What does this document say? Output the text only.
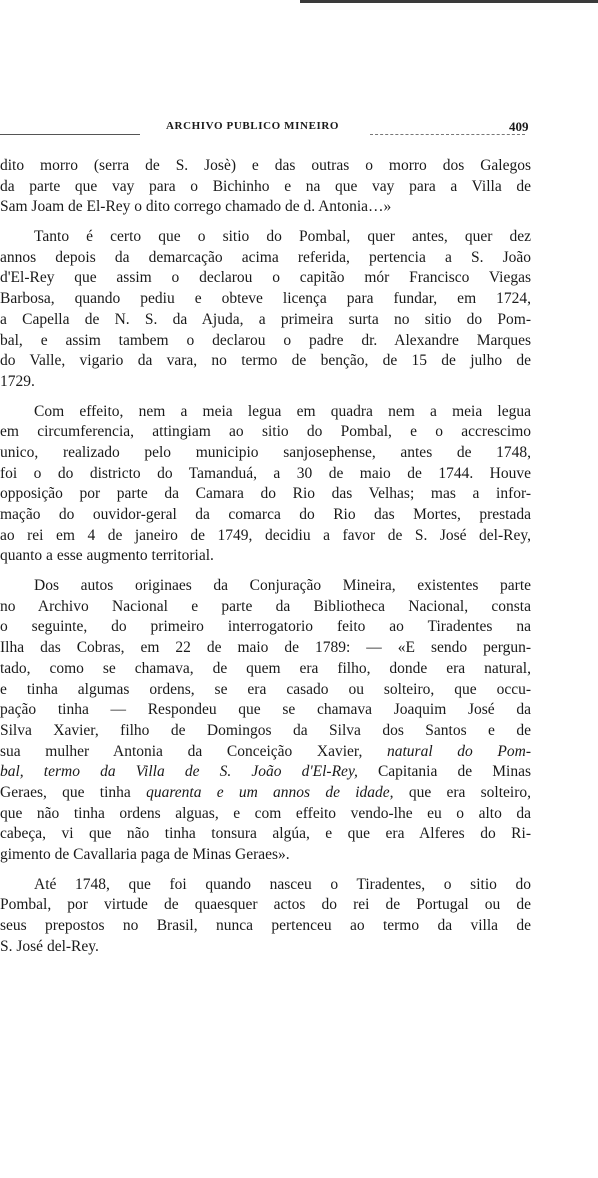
ARCHIVO PUBLICO MINEIRO	409
dito morro (serra de S. Josè) e das outras o morro dos Galegos
da parte que vay para o Bichinho e na que vay para a Villa de
Sam Joam de El-Rey o dito corrego chamado de d. Antonia…»
Tanto é certo que o sitio do Pombal, quer antes, quer dez
annos depois da demarcação acima referida, pertencia a S. João
d'El-Rey que assim o declarou o capitão mór Francisco Viegas
Barbosa, quando pediu e obteve licença para fundar, em 1724,
a Capella de N. S. da Ajuda, a primeira surta no sitio do Pom-
bal, e assim tambem o declarou o padre dr. Alexandre Marques
do Valle, vigario da vara, no termo de benção, de 15 de julho de
1729.
Com effeito, nem a meia legua em quadra nem a meia legua
em circumferencia, attingiam ao sitio do Pombal, e o accrescimo
unico, realizado pelo municipio sanjosephense, antes de 1748,
foi o do districto do Tamanduá, a 30 de maio de 1744. Houve
opposição por parte da Camara do Rio das Velhas; mas a infor-
mação do ouvidor-geral da comarca do Rio das Mortes, prestada
ao rei em 4 de janeiro de 1749, decidiu a favor de S. José del-Rey,
quanto a esse augmento territorial.
Dos autos originaes da Conjuração Mineira, existentes parte
no Archivo Nacional e parte da Bibliotheca Nacional, consta
o seguinte, do primeiro interrogatorio feito ao Tiradentes na
Ilha das Cobras, em 22 de maio de 1789: — «E sendo pergun-
tado, como se chamava, de quem era filho, donde era natural,
e tinha algumas ordens, se era casado ou solteiro, que occu-
pação tinha — Respondeu que se chamava Joaquim José da
Silva Xavier, filho de Domingos da Silva dos Santos e de
sua mulher Antonia da Conceição Xavier, natural do Pom-
bal, termo da Villa de S. João d'El-Rey, Capitania de Minas
Geraes, que tinha quarenta e um annos de idade, que era solteiro,
que não tinha ordens alguas, e com effeito vendo-lhe eu o alto da
cabeça, vi que não tinha tonsura algúa, e que era Alferes do Ri-
gimento de Cavallaria paga de Minas Geraes».
Até 1748, que foi quando nasceu o Tiradentes, o sitio do
Pombal, por virtude de quaesquer actos do rei de Portugal ou de
seus prepostos no Brasil, nunca pertenceu ao termo da villa de
S. José del-Rey.
